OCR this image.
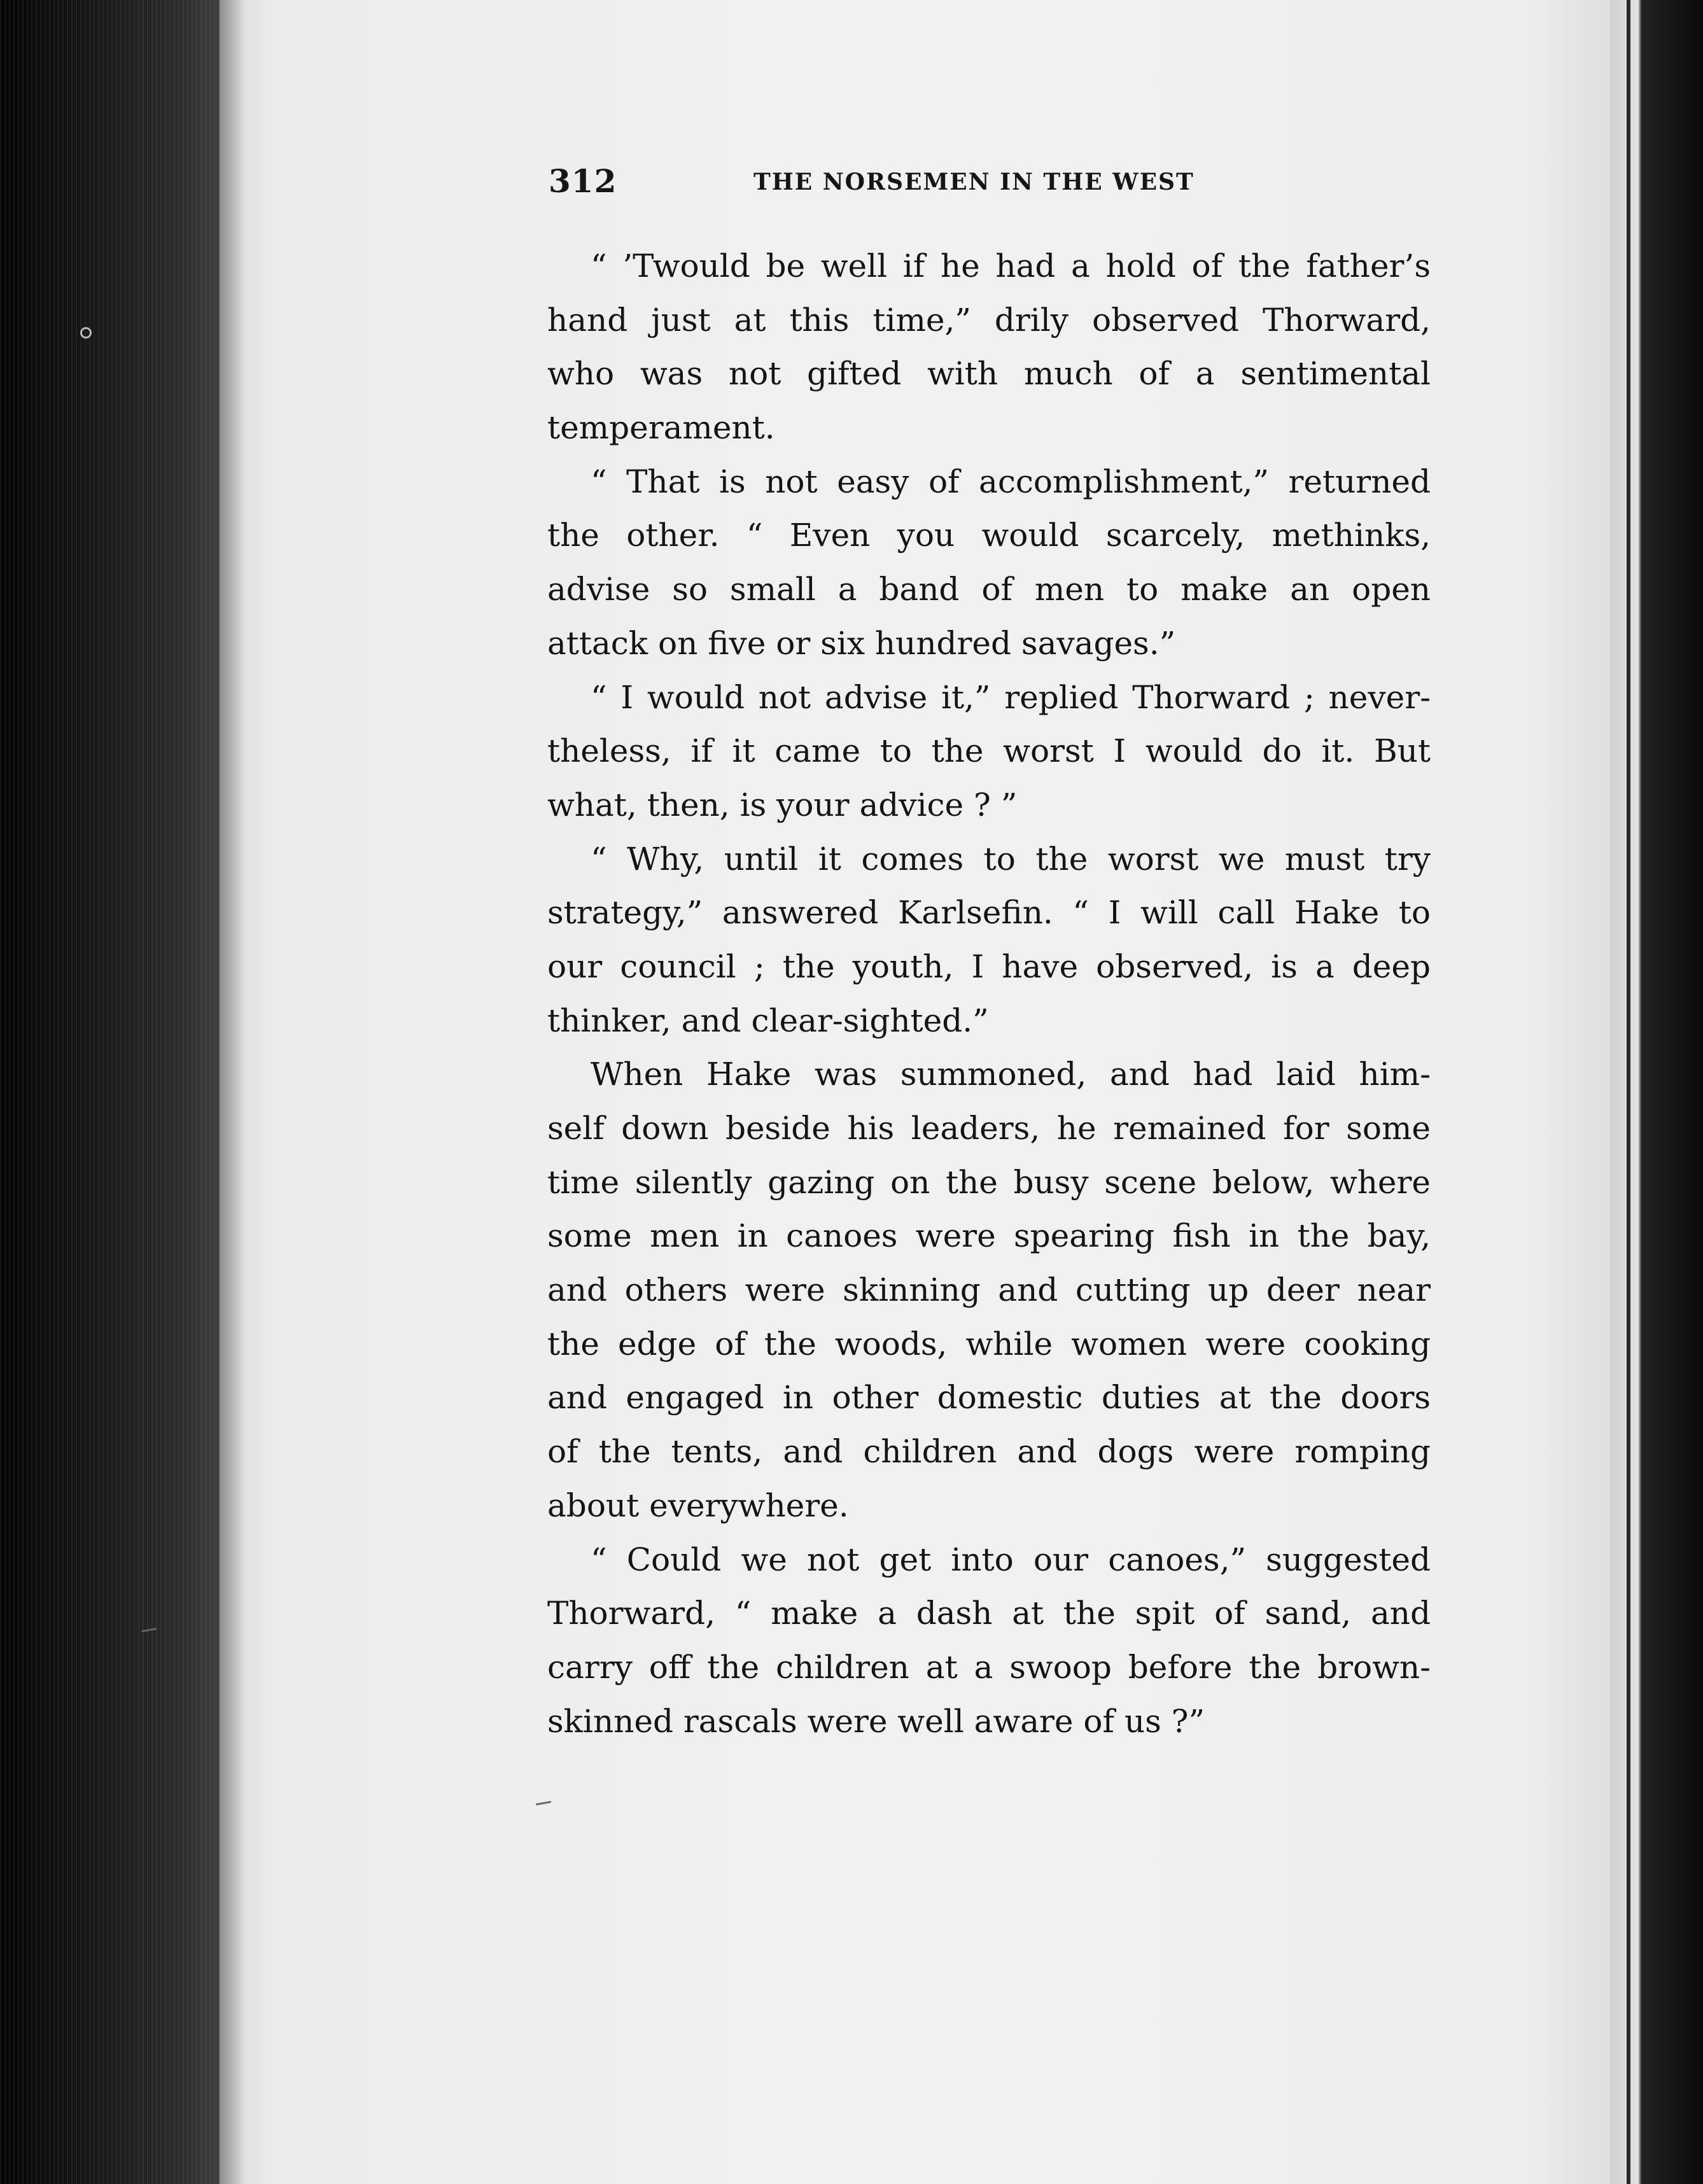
312	THE NORSEMEN IN THE WEST
“ ’Twould be well if he had a hold of the father’s
hand just at this time,” drily observed Thorward,
who was not gifted with much of a sentimental
temperament.
“ That is not easy of accomplishment,” returned
the other. “ Even you would scarcely, methinks,
advise so small a band of men to make an open
attack on five or six hundred savages.”
“ I would not advise it,” replied Thorward ; never-
theless, if it came to the worst I would do it. But
what, then, is your advice ? ”
“ Why, until it comes to the worst we must try
strategy,” answered Karlsefin. “ I will call Hake to
our council ; the youth, I have observed, is a deep
thinker, and clear-sighted.”
When Hake was summoned, and had laid him-
self down beside his leaders, he remained for some
time silently gazing on the busy scene below, where
some men in canoes were spearing fish in the bay,
and others were skinning and cutting up deer near
the edge of the woods, while women were cooking
and engaged in other domestic duties at the doors
of the tents, and children and dogs were romping
about everywhere.
“ Could we not get into our canoes,” suggested
Thorward, “ make a dash at the spit of sand, and
carry off the children at a swoop before the brown-
skinned rascals were well aware of us ?”
